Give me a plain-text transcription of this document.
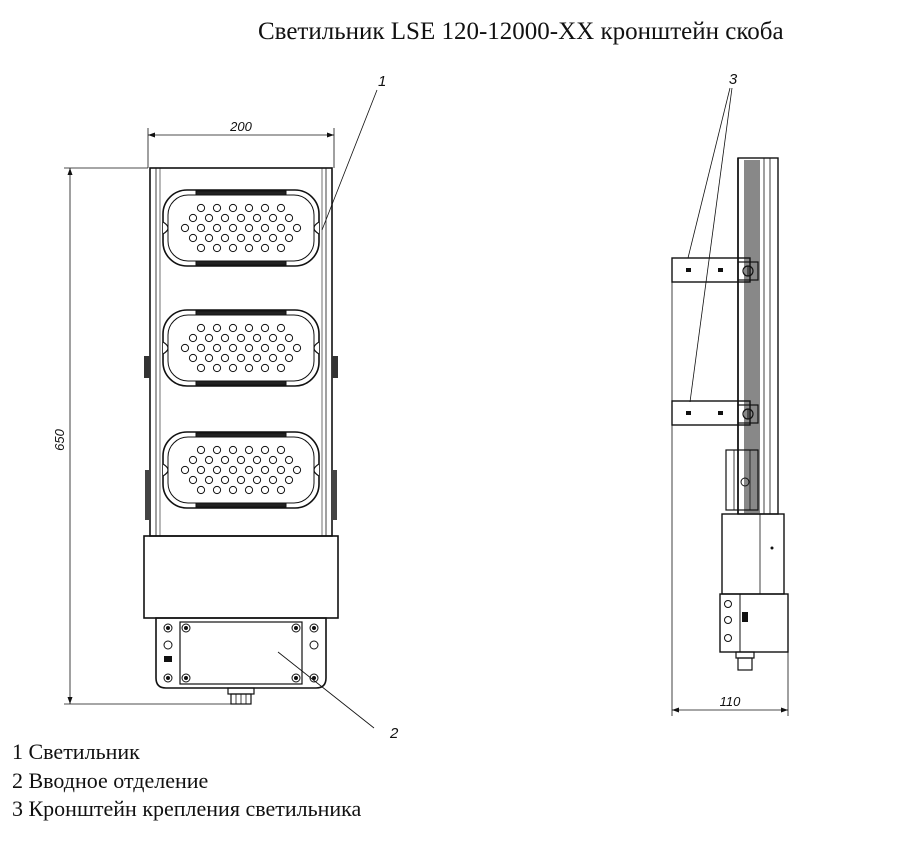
Светильник LSE 120-12000-XX кронштейн скоба
200
650
1
2
3
110
1 Светильник
2 Вводное отделение
3 Кронштейн крепления светильника
